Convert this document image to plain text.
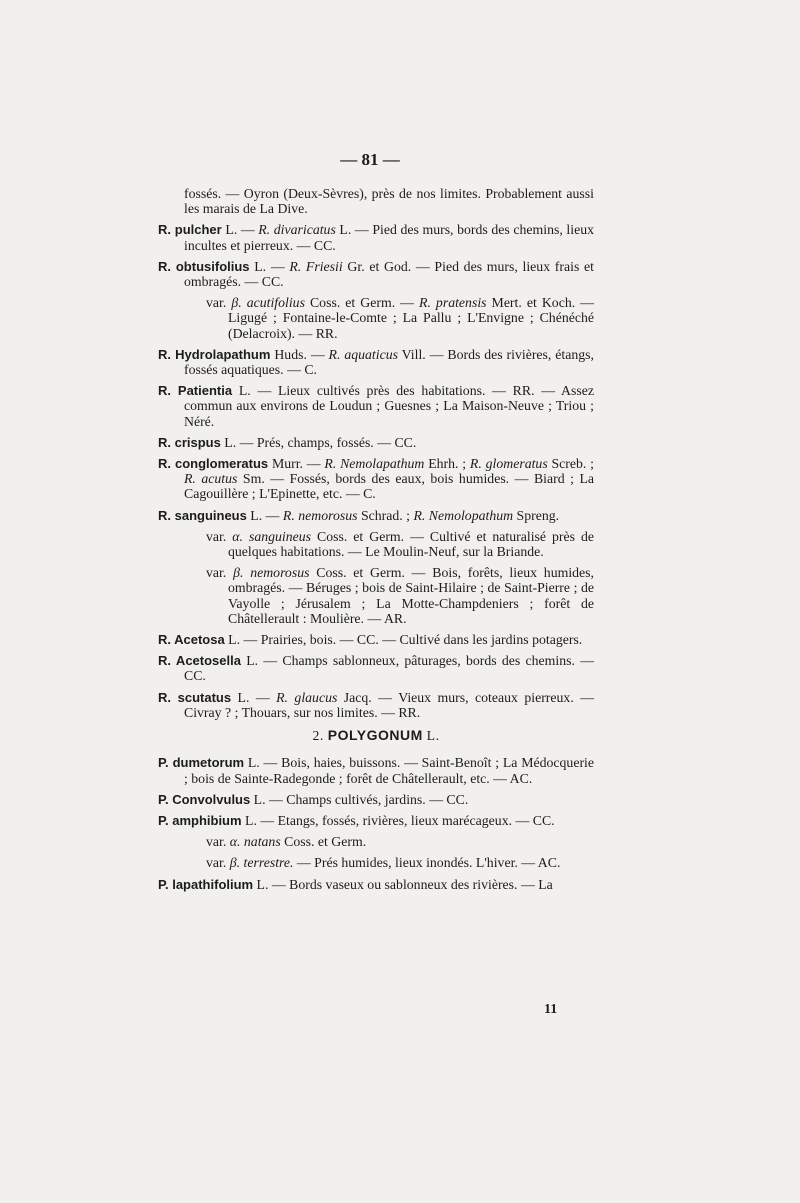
— 81 —

fossés. — Oyron (Deux-Sèvres), près de nos limites. Probablement aussi les marais de La Dive.

R. pulcher L. — R. divaricatus L. — Pied des murs, bords des chemins, lieux incultes et pierreux. — CC.

R. obtusifolius L. — R. Friesii Gr. et God. — Pied des murs, lieux frais et ombragés. — CC.

var. β. acutifolius Coss. et Germ. — R. pratensis Mert. et Koch. — Ligugé ; Fontaine-le-Comte ; La Pallu ; L'Envigne ; Chénéché (Delacroix). — RR.

R. Hydrolapathum Huds. — R. aquaticus Vill. — Bords des rivières, étangs, fossés aquatiques. — C.

R. Patientia L. — Lieux cultivés près des habitations. — RR. — Assez commun aux environs de Loudun ; Guesnes ; La Maison-Neuve ; Triou ; Néré.

R. crispus L. — Prés, champs, fossés. — CC.

R. conglomeratus Murr. — R. Nemolapathum Ehrh. ; R. glomeratus Screb. ; R. acutus Sm. — Fossés, bords des eaux, bois humides. — Biard ; La Cagouillère ; L'Epinette, etc. — C.

R. sanguineus L. — R. nemorosus Schrad. ; R. Nemolopathum Spreng.

var. α. sanguineus Coss. et Germ. — Cultivé et naturalisé près de quelques habitations. — Le Moulin-Neuf, sur la Briande.

var. β. nemorosus Coss. et Germ. — Bois, forêts, lieux humides, ombragés. — Béruges ; bois de Saint-Hilaire ; de Saint-Pierre ; de Vayolle ; Jérusalem ; La Motte-Champdeniers ; forêt de Châtellerault : Moulière. — AR.

R. Acetosa L. — Prairies, bois. — CC. — Cultivé dans les jardins potagers.

R. Acetosella L. — Champs sablonneux, pâturages, bords des chemins. — CC.

R. scutatus L. — R. glaucus Jacq. — Vieux murs, coteaux pierreux. — Civray ? ; Thouars, sur nos limites. — RR.

2. POLYGONUM L.

P. dumetorum L. — Bois, haies, buissons. — Saint-Benoît ; La Médocquerie ; bois de Sainte-Radegonde ; forêt de Châtellerault, etc. — AC.

P. Convolvulus L. — Champs cultivés, jardins. — CC.

P. amphibium L. — Etangs, fossés, rivières, lieux marécageux. — CC.

var. α. natans Coss. et Germ.

var. β. terrestre. — Prés humides, lieux inondés. L'hiver. — AC.

P. lapathifolium L. — Bords vaseux ou sablonneux des rivières. — La

11
